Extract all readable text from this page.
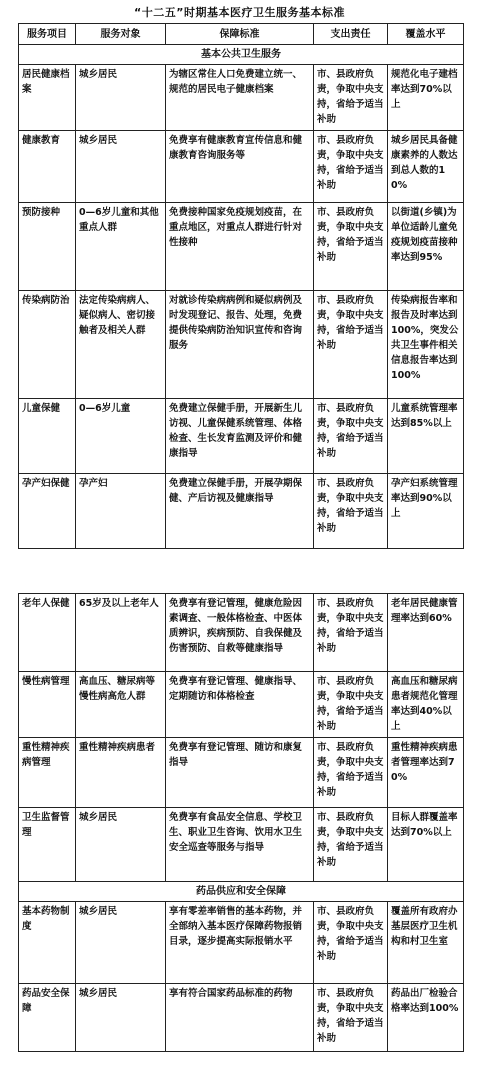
“十二五”时期基本医疗卫生服务基本标准
服务项目	服务对象	保障标准	支出责任	覆盖水平
基本公共卫生服务				
居民健康档案	城乡居民	为辖区常住人口免费建立统一、规范的居民电子健康档案	市、县政府负责，争取中央支持，省给予适当补助	规范化电子建档率达到70%以上
健康教育	城乡居民	免费享有健康教育宣传信息和健康教育咨询服务等	市、县政府负责，争取中央支持，省给予适当补助	城乡居民具备健康素养的人数达到总人数的10%
预防接种	0—6岁儿童和其他重点人群	免费接种国家免疫规划疫苗，在重点地区，对重点人群进行针对性接种	市、县政府负责，争取中央支持，省给予适当补助	以街道(乡镇)为单位适龄儿童免疫规划疫苗接种率达到95%
传染病防治	法定传染病病人、疑似病人、密切接触者及相关人群	对就诊传染病病例和疑似病例及时发现登记、报告、处理，免费提供传染病防治知识宣传和咨询服务	市、县政府负责，争取中央支持，省给予适当补助	传染病报告率和报告及时率达到100%，突发公共卫生事件相关信息报告率达到100%
儿童保健	0—6岁儿童	免费建立保健手册，开展新生儿访视、儿童保健系统管理、体格检查、生长发育监测及评价和健康指导	市、县政府负责，争取中央支持，省给予适当补助	儿童系统管理率达到85%以上
孕产妇保健	孕产妇	免费建立保健手册，开展孕期保健、产后访视及健康指导	市、县政府负责，争取中央支持，省给予适当补助	孕产妇系统管理率达到90%以上
老年人保健	65岁及以上老年人	免费享有登记管理，健康危险因素调查、一般体格检查、中医体质辨识，疾病预防、自我保健及伤害预防、自救等健康指导	市、县政府负责，争取中央支持，省给予适当补助	老年居民健康管理率达到60%
慢性病管理	高血压、糖尿病等慢性病高危人群	免费享有登记管理、健康指导、定期随访和体格检查	市、县政府负责，争取中央支持，省给予适当补助	高血压和糖尿病患者规范化管理率达到40%以上
重性精神疾病管理	重性精神疾病患者	免费享有登记管理、随访和康复指导	市、县政府负责，争取中央支持，省给予适当补助	重性精神疾病患者管理率达到70%
卫生监督管理	城乡居民	免费享有食品安全信息、学校卫生、职业卫生咨询、饮用水卫生安全巡查等服务与指导	市、县政府负责，争取中央支持，省给予适当补助	目标人群覆盖率达到70%以上
药品供应和安全保障				
基本药物制度	城乡居民	享有零差率销售的基本药物，并全部纳入基本医疗保障药物报销目录，逐步提高实际报销水平	市、县政府负责，争取中央支持，省给予适当补助	覆盖所有政府办基层医疗卫生机构和村卫生室
药品安全保障	城乡居民	享有符合国家药品标准的药物	市、县政府负责，争取中央支持，省给予适当补助	药品出厂检验合格率达到100%
